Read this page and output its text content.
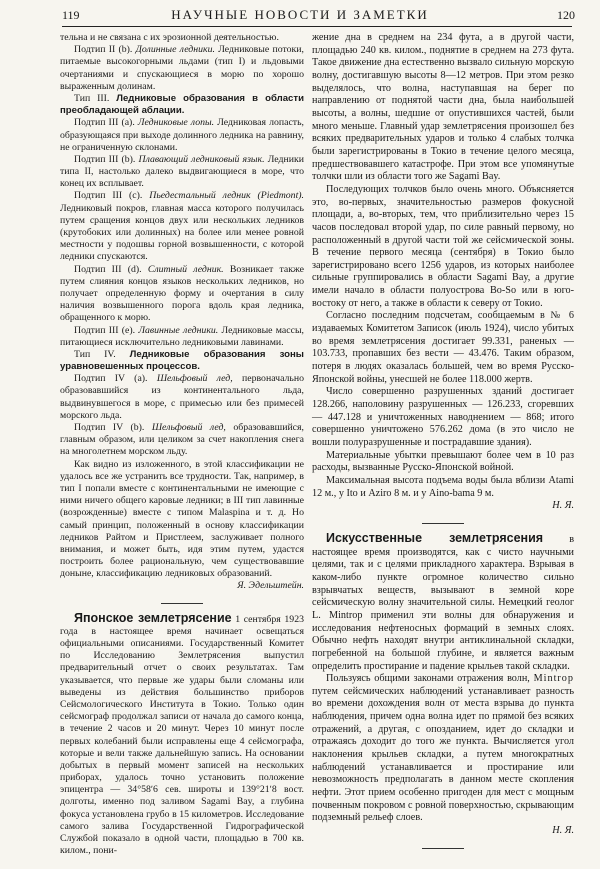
119	НАУЧНЫЕ НОВОСТИ И ЗАМЕТКИ	120

тельна и не связана с их эрозионной деятельностью.

Подтип II (b). Долинные ледники. Ледниковые потоки, питаемые высокогорными льдами (тип I) и льдовыми очертаниями и спускающиеся в морю по хорошо выраженным долинам.

Тип III. Ледниковые образования в области преобладающей аблации.

Подтип III (a). Ледниковые лопы. Ледниковая лопасть, образующаяся при выходе долинного ледника на равнину, не ограниченную склонами.

Подтип III (b). Плавающий ледниковый язык. Ледники типа II, настолько далеко выдвигающиеся в море, что конец их всплывает.

Подтип III (c). Пьедестальный ледник (Piedmont). Ледниковый покров, главная масса которого получилась путем сращения концов двух или нескольких ледников (крутобоких или долинных) на более или менее ровной местности у подошвы горной возвышенности, с которой ледники спускаются.

Подтип III (d). Слитный ледник. Возникает также путем слияния концов языков нескольких ледников, но получает определенную форму и очертания в силу наличия возвышенного порога вдоль края ледника, обращенного к морю.

Подтип III (e). Лавинные ледники. Ледниковые массы, питающиеся исключительно ледниковыми лавинами.

Тип IV. Ледниковые образования зоны уравновешенных процессов.

Подтип IV (a). Шельфовый лед, первоначально образовавшийся из континентального льда, выдвинувшегося в море, с примесью или без примесей морского льда.

Подтип IV (b). Шельфовый лед, образовавшийся, главным образом, или целиком за счет накопления снега на многолетнем морском льду.

Как видно из изложенного, в этой классификации не удалось все же устранить все трудности. Так, например, в тип I попали вместе с континентальными не имеющие с ними ничего общего каровые ледники; в III тип лавинные (возрожденные) вместе с типом Malaspina и т. д. Но самый принцип, положенный в основу классификации ледников Райтом и Пристлеем, заслуживает полного внимания, и может быть, идя этим путем, удастся построить более рациональную, чем существовавшие доныне, классификацию ледниковых образований.

Я. Эдельштейн.

Японское землетрясение 1 сентября 1923 года в настоящее время начинает освещаться официальными описаниями. Государственный Комитет по Исследованию Землетрясения выпустил предварительный отчет о своих результатах. Там указывается, что первые же удары были сломаны или выведены из действия большинство приборов Сейсмологического Института в Токио. Только один сейсмограф продолжал записи от начала до самого конца, в течение 2 часов и 20 минут. Через 10 минут после первых колебаний были исправлены еще 4 сейсмографа, которые и вели также дальнейшую запись. На основании добытых в первый момент записей на нескольких приборах, удалось точно установить положение эпицентра — 34°58ʹ6 сев. широты и 139°21ʹ8 вост. долготы, именно под заливом Sagami Bay, а глубина фокуса установлена грубо в 15 километров. Исследование самого залива Государственной Гидрографической Службой показало в одной части, площадью в 700 кв. килом., пони-

жение дна в среднем на 234 фута, а в другой части, площадью 240 кв. килом., поднятие в среднем на 273 фута. Такое движение дна естественно вызвало сильную морскую волну, достигавшую высоты 8—12 метров. При этом резко выделялось, что волна, наступавшая на берег по направлению от поднятой части дна, была наибольшей высоты, а волны, шедшие от опустившихся частей, были много меньше. Главный удар землетрясения произошел без всяких предварительных ударов и только 4 слабых толчка были зарегистрированы в Токио в течение целого месяца, предшествовавшего катастрофе. При этом все упомянутые толчки шли из области того же Sagami Bay.

Последующих толчков было очень много. Объясняется это, во-первых, значительностью размеров фокусной площади, а, во-вторых, тем, что приблизительно через 15 часов последовал второй удар, по силе равный первому, но расположенный в другой части той же сейсмической зоны. В течение первого месяца (сентября) в Токио было зарегистрировано всего 1256 ударов, из которых наиболее сильные группировались в области Sagami Bay, а другие имели начало в области полуострова Bo-So или в юго-востоку от него, а также в области к северу от Токио.

Согласно последним подсчетам, сообщаемым в № 6 издаваемых Комитетом Записок (июль 1924), число убитых во время землетрясения достигает 99.331, раненых — 103.733, пропавших без вести — 43.476. Таким образом, потеря в людях оказалась большей, чем во время Русско-Японской войны, унесшей не более 118.000 жертв.

Число совершенно разрушенных зданий достигает 128.266, наполовину разрушенных — 126.233, сгоревших — 447.128 и уничтоженных наводнением — 868; итого совершенно уничтожено 576.262 дома (в это число не вошли полуразрушенные и пострадавшие здания).

Материальные убытки превышают более чем в 10 раз расходы, вызванные Русско-Японской войной.

Максимальная высота подъема воды была вблизи Atami 12 м., у Ito и Aziro 8 м. и у Aino-bama 9 м.

Н. Я.

Искусственные землетрясения	в настоящее время производятся, как с чисто научными целями, так и с целями прикладного характера. Взрывая в каком-либо пункте огромное количество сильно взрывчатых веществ, вызывают в земной коре сейсмическую волну значительной силы. Немецкий геолог L. Mintrop применил эти волны для обнаружения и исследования нефтеносных формаций в земных слоях. Обычно нефть находят внутри антиклинальной складки, погребенной на большой глубине, и является важным определить простирание и падение крыльев такой складки.

Пользуясь общими законами отражения волн, Mintrop путем сейсмических наблюдений устанавливает разность во времени дохождения волн от места взрыва до пункта наблюдения, причем одна волна идет по прямой без всяких отражений, а другая, с опозданием, идет до складки и отражаясь доходит до того же пункта. Вычисляется угол наклонения крыльев складки, а путем многократных наблюдений устанавливается и простирание или невозможность предполагать в данном месте скопления нефти. Этот прием особенно пригоден для мест с мощным почвенным покровом с ровной поверхностью, скрывающим подземный рельеф слоев.

Н. Я.
